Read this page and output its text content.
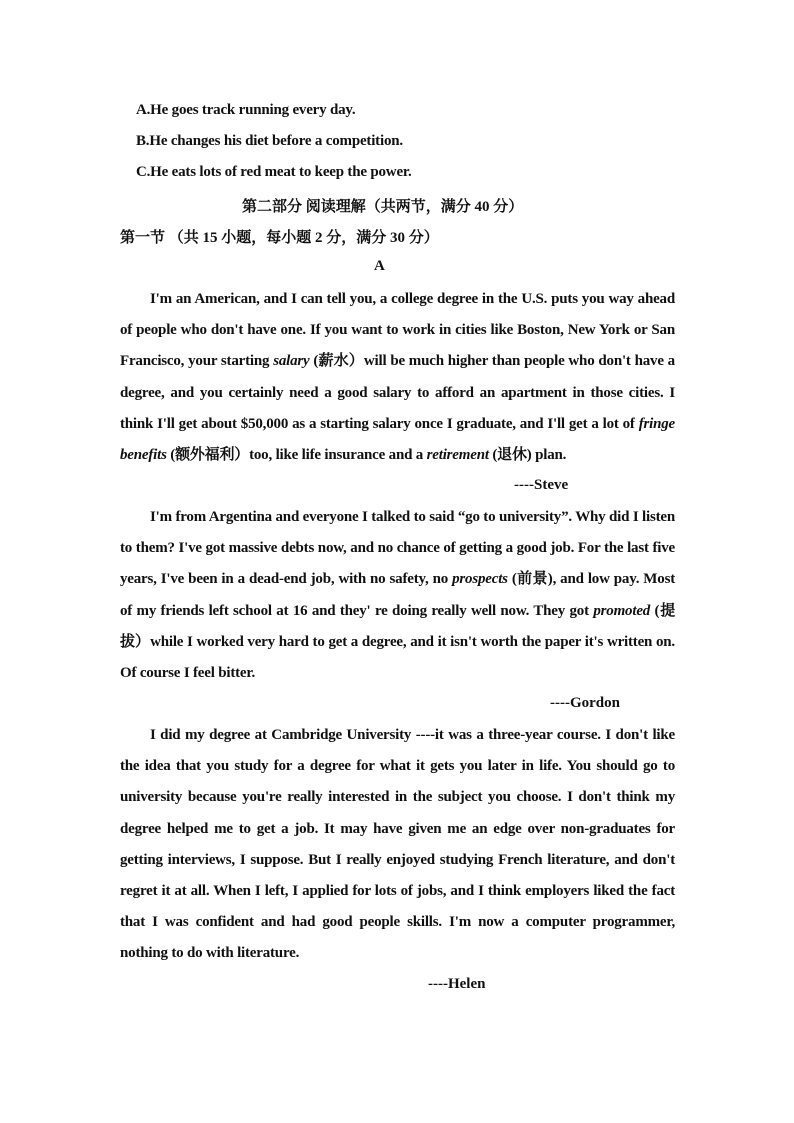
A.He goes track running every day.
B.He changes his diet before a competition.
C.He eats lots of red meat to keep the power.
第二部分 阅读理解（共两节，满分 40 分）
第一节 （共 15 小题，每小题 2 分，满分 30 分）
A
I'm an American, and I can tell you, a college degree in the U.S. puts you way ahead of people who don't have one. If you want to work in cities like Boston, New York or San Francisco, your starting salary (薪水）will be much higher than people who don't have a degree, and you certainly need a good salary to afford an apartment in those cities. I think I'll get about $50,000 as a starting salary once I graduate, and I'll get a lot of fringe benefits (额外福利）too, like life insurance and a retirement (退休) plan.
----Steve
I'm from Argentina and everyone I talked to said “go to university”. Why did I listen to them? I've got massive debts now, and no chance of getting a good job. For the last five years, I've been in a dead-end job, with no safety, no prospects (前景), and low pay. Most of my friends left school at 16 and they' re doing really well now. They got promoted (提拔）while I worked very hard to get a degree, and it isn't worth the paper it's written on. Of course I feel bitter.
----Gordon
I did my degree at Cambridge University ----it was a three-year course. I don't like the idea that you study for a degree for what it gets you later in life. You should go to university because you're really interested in the subject you choose. I don't think my degree helped me to get a job. It may have given me an edge over non-graduates for getting interviews, I suppose. But I really enjoyed studying French literature, and don't regret it at all. When I left, I applied for lots of jobs, and I think employers liked the fact that I was confident and had good people skills. I'm now a computer programmer, nothing to do with literature.
----Helen
